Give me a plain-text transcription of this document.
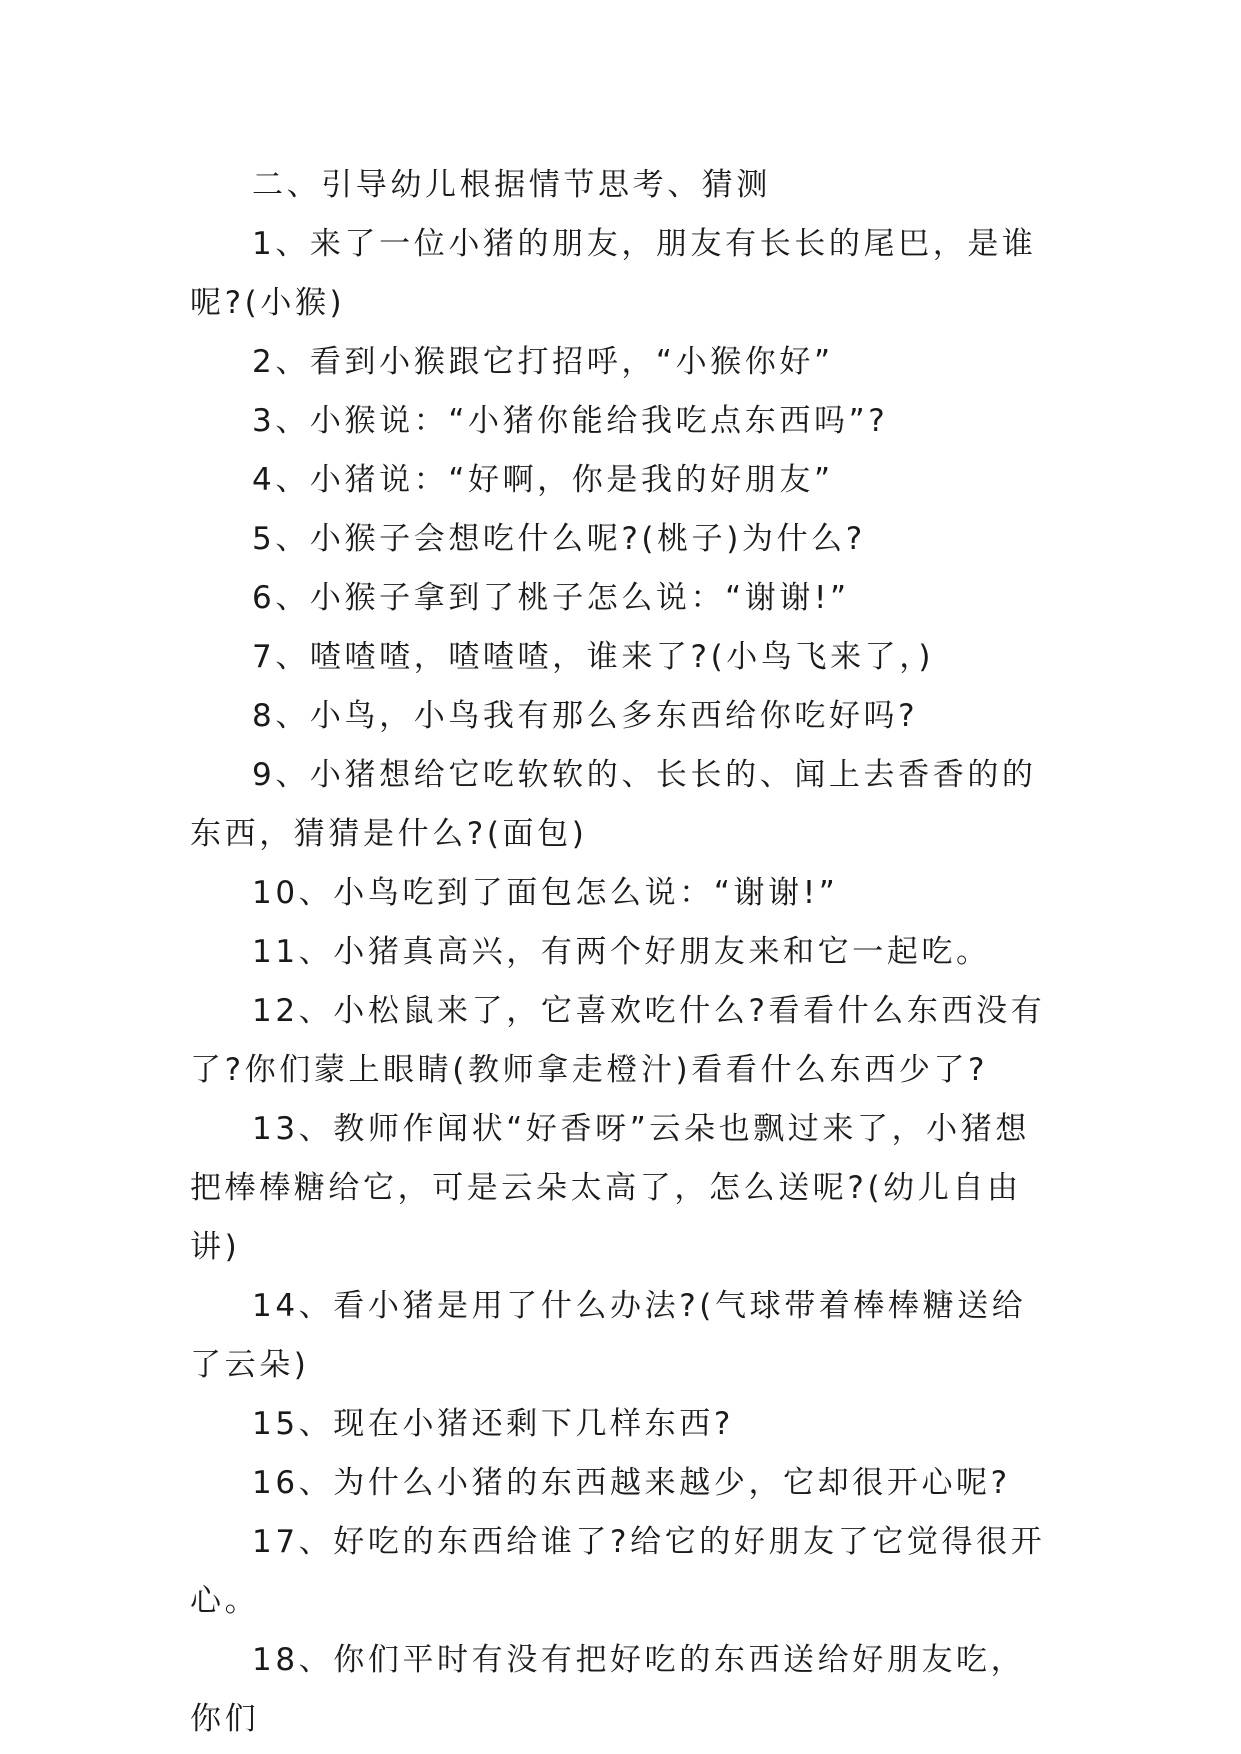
二、引导幼儿根据情节思考、猜测

1、来了一位小猪的朋友，朋友有长长的尾巴，是谁呢?(小猴)

2、看到小猴跟它打招呼，“小猴你好”

3、小猴说：“小猪你能给我吃点东西吗”?

4、小猪说：“好啊，你是我的好朋友”

5、小猴子会想吃什么呢?(桃子)为什么?

6、小猴子拿到了桃子怎么说：“谢谢!”

7、喳喳喳，喳喳喳，谁来了?(小鸟飞来了，)

8、小鸟，小鸟我有那么多东西给你吃好吗?

9、小猪想给它吃软软的、长长的、闻上去香香的的东西，猜猜是什么?(面包)

10、小鸟吃到了面包怎么说：“谢谢!”

11、小猪真高兴，有两个好朋友来和它一起吃。

12、小松鼠来了，它喜欢吃什么?看看什么东西没有了?你们蒙上眼睛(教师拿走橙汁)看看什么东西少了?

13、教师作闻状“好香呀”云朵也飘过来了，小猪想把棒棒糖给它，可是云朵太高了，怎么送呢?(幼儿自由讲)

14、看小猪是用了什么办法?(气球带着棒棒糖送给了云朵)

15、现在小猪还剩下几样东西?

16、为什么小猪的东西越来越少，它却很开心呢?

17、好吃的东西给谁了?给它的好朋友了它觉得很开心。

18、你们平时有没有把好吃的东西送给好朋友吃，你们
